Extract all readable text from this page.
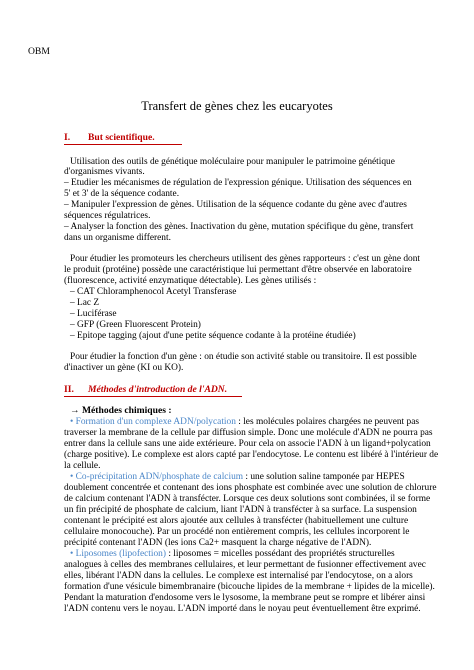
OBM
Transfert de gènes chez les eucaryotes
I. But scientifique.
Utilisation des outils de génétique moléculaire pour manipuler le patrimoine génétique
d'organismes vivants.
– Etudier les mécanismes de régulation de l'expression génique. Utilisation des séquences en
5' et 3' de la séquence codante.
– Manipuler l'expression de gènes. Utilisation de la séquence codante du gène avec d'autres
séquences régulatrices.
– Analyser la fonction des gènes. Inactivation du gène, mutation spécifique du gène, transfert
dans un organisme different.
Pour étudier les promoteurs les chercheurs utilisent des gènes rapporteurs : c'est un gène dont
le produit (protéine) possède une caractéristique lui permettant d'être observée en laboratoire
(fluorescence, activité enzymatique détectable). Les gènes utilisés :
– CAT Chloramphenocol Acetyl Transferase
– Lac Z
– Luciférase
– GFP (Green Fluorescent Protein)
– Epitope tagging (ajout d'une petite séquence codante à la protéine étudiée)
Pour étudier la fonction d'un gène : on étudie son activité stable ou transitoire. Il est possible
d'inactiver un gène (KI ou KO).
II. Méthodes d'introduction de l'ADN.
→ Méthodes chimiques :
• Formation d'un complexe ADN/polycation : les molécules polaires chargées ne peuvent pas
traverser la membrane de la cellule par diffusion simple. Donc une molécule d'ADN ne pourra pas
entrer dans la cellule sans une aide extérieure. Pour cela on associe l'ADN à un ligand+polycation
(charge positive). Le complexe est alors capté par l'endocytose. Le contenu est libéré à l'intérieur de
la cellule.
• Co-précipitation ADN/phosphate de calcium : une solution saline tamponée par HEPES
doublement concentrée et contenant des ions phosphate est combinée avec une solution de chlorure
de calcium contenant l'ADN à transfécter. Lorsque ces deux solutions sont combinées, il se forme
un fin précipité de phosphate de calcium, liant l'ADN à transfécter à sa surface. La suspension
contenant le précipité est alors ajoutée aux cellules à transfécter (habituellement une culture
cellulaire monocouche). Par un procédé non entièrement compris, les cellules incorporent le
précipité contenant l'ADN (les ions Ca2+ masquent la charge négative de l'ADN).
• Liposomes (lipofection) : liposomes = micelles possédant des propriétés structurelles
analogues à celles des membranes cellulaires, et leur permettant de fusionner effectivement avec
elles, libérant l'ADN dans la cellules. Le complexe est internalisé par l'endocytose, on a alors
formation d'une vésicule bimembranaire (bicouche lipides de la membrane + lipides de la micelle).
Pendant la maturation d'endosome vers le lysosome, la membrane peut se rompre et libérer ainsi
l'ADN contenu vers le noyau. L'ADN importé dans le noyau peut éventuellement être exprimé.
